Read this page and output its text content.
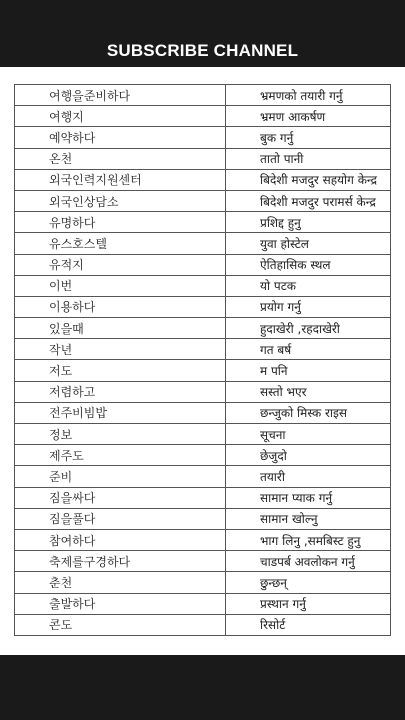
SUBSCRIBE CHANNEL
여행을준비하다	भ्रमणको तयारी गर्नु
여행지	भ्रमण आकर्षण
예약하다	बुक गर्नु
온천	तातो पानी
외국인력지원센터	बिदेशी मजदुर सहयोग केन्द्र
외국인상담소	बिदेशी मजदुर परामर्स केन्द्र
유명하다	प्रशिद्द हुनु
유스호스텔	युवा होस्टेल
유적지	ऐतिहासिक स्थल
이번	यो पटक
이용하다	प्रयोग गर्नु
있을때	हुदाखेरी ,रहदाखेरी
작년	गत बर्ष
저도	म पनि
저렴하고	सस्तो भएर
전주비빔밥	छन्जुको मिस्क राइस
정보	सूचना
제주도	छेजुदो
준비	तयारी
짐을싸다	सामान प्याक गर्नु
짐을풀다	सामान खोल्नु
참여하다	भाग लिनु ,समबिस्ट हुनु
축제를구경하다	चाडपर्ब अवलोकन गर्नु
춘천	छुन्छन्
출발하다	प्रस्थान गर्नु
콘도	रिसोर्ट
